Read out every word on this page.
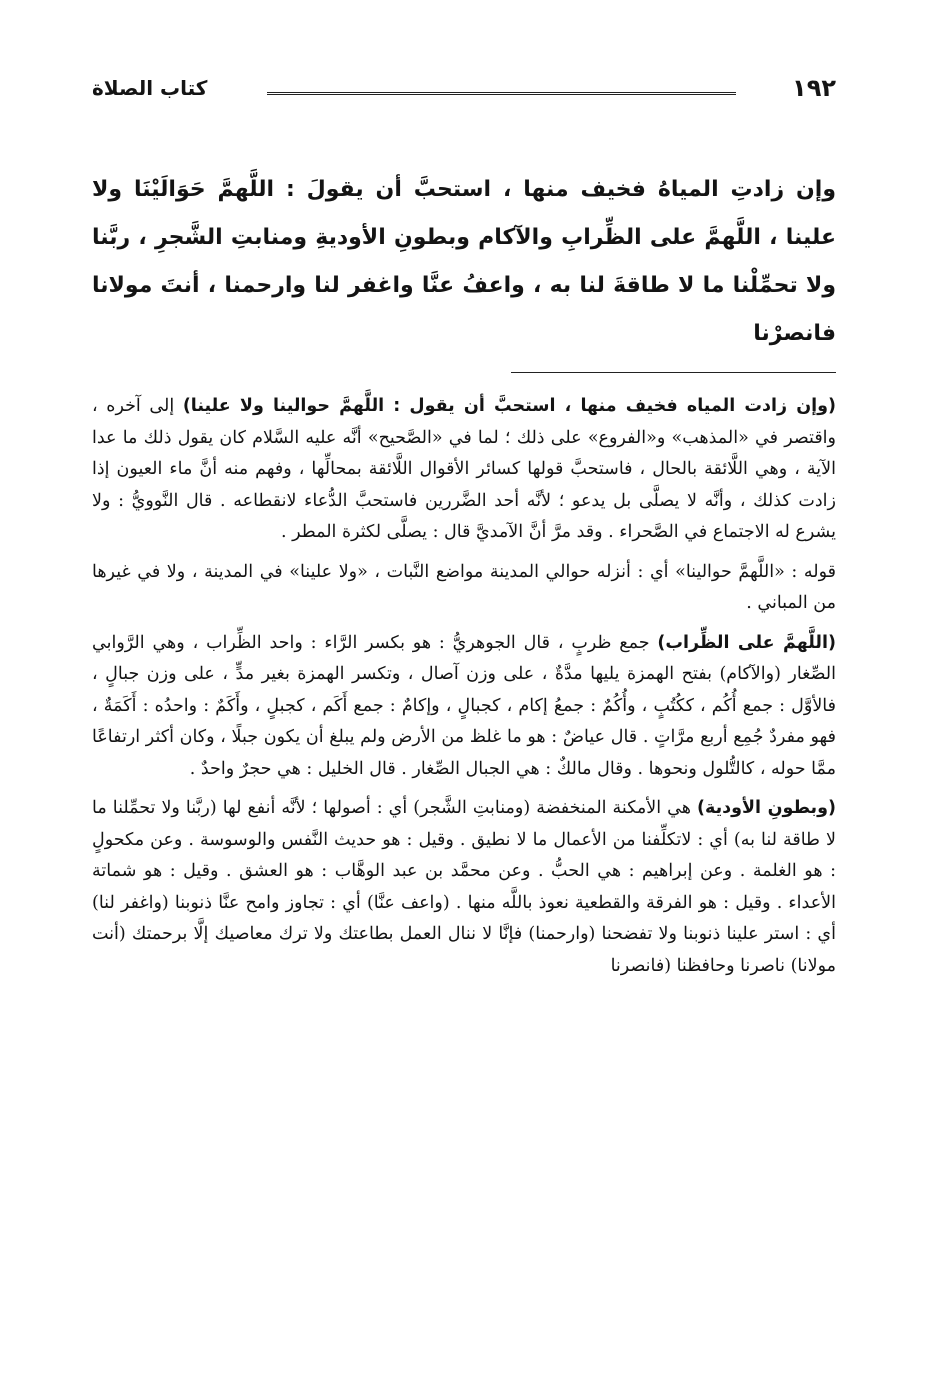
١٩٢
كتاب الصلاة
وإن زادتِ المياهُ فخيف منها ، استحبَّ أن يقولَ : اللَّهمَّ حَوَالَيْنَا ولا علينا ، اللَّهمَّ على الظِّرابِ والآكام وبطونِ الأوديةِ ومنابتِ الشَّجرِ ، ربَّنا ولا تحمِّلْنا ما لا طاقةَ لنا به ، واعفُ عنَّا واغفر لنا وارحمنا ، أنتَ مولانا فانصرْنا

(وإن زادت المياه فخيف منها ، استحبَّ أن يقول : اللَّهمَّ حوالينا ولا علينا) إلى آخره ، واقتصر في «المذهب» و«الفروع» على ذلك ؛ لما في «الصَّحيح» أنَّه عليه السَّلام كان يقول ذلك ما عدا الآية ، وهي اللَّائقة بالحال ، فاستحبَّ قولها كسائر الأقوال اللَّائقة بمحالِّها ، وفهم منه أنَّ ماء العيون إذا زادت كذلك ، وأنَّه لا يصلَّى بل يدعو ؛ لأنَّه أحد الضَّررين فاستحبَّ الدُّعاء لانقطاعه . قال النَّوويُّ : ولا يشرع له الاجتماع في الصَّحراء . وقد مرَّ أنَّ الآمديَّ قال : يصلَّى لكثرة المطر .

قوله : «اللَّهمَّ حوالينا» أي : أنزله حوالي المدينة مواضع النَّبات ، «ولا علينا» في المدينة ، ولا في غيرها من المباني .

(اللَّهمَّ على الظِّراب) جمع ظربٍ ، قال الجوهريُّ : هو بكسر الرَّاء : واحد الظِّراب ، وهي الرَّوابي الصِّغار (والآكام) بفتح الهمزة يليها مدَّةٌ ، على وزن آصال ، وتكسر الهمزة بغير مدٍّ ، على وزن جبالٍ ، فالأوَّل : جمع أُكُم ، ككُتُبٍ ، وأُكُمٌ : جمعُ إكام ، كجبالٍ ، وإكامٌ : جمع أَكَم ، كجبلٍ ، وأَكَمٌ : واحدُه : أَكَمَةٌ ، فهو مفردٌ جُمِع أربع مرَّاتٍ . قال عياضٌ : هو ما غلظ من الأرض ولم يبلغ أن يكون جبلًا ، وكان أكثر ارتفاعًا ممَّا حوله ، كالتُّلول ونحوها . وقال مالكٌ : هي الجبال الصِّغار . قال الخليل : هي حجرٌ واحدٌ .

(وبطونِ الأودية) هي الأمكنة المنخفضة (ومنابتِ الشَّجر) أي : أصولها ؛ لأنَّه أنفع لها (ربَّنا ولا تحمِّلنا ما لا طاقة لنا به) أي : لاتكلِّفنا من الأعمال ما لا نطيق . وقيل : هو حديث النَّفس والوسوسة . وعن مكحولٍ : هو الغلمة . وعن إبراهيم : هي الحبُّ . وعن محمَّد بن عبد الوهَّاب : هو العشق . وقيل : هو شماتة الأعداء . وقيل : هو الفرقة والقطعية نعوذ باللَّه منها . (واعف عنَّا) أي : تجاوز وامح عنَّا ذنوبنا (واغفر لنا) أي : استر علينا ذنوبنا ولا تفضحنا (وارحمنا) فإنَّا لا ننال العمل بطاعتك ولا ترك معاصيك إلَّا برحمتك (أنت مولانا) ناصرنا وحافظنا (فانصرنا
